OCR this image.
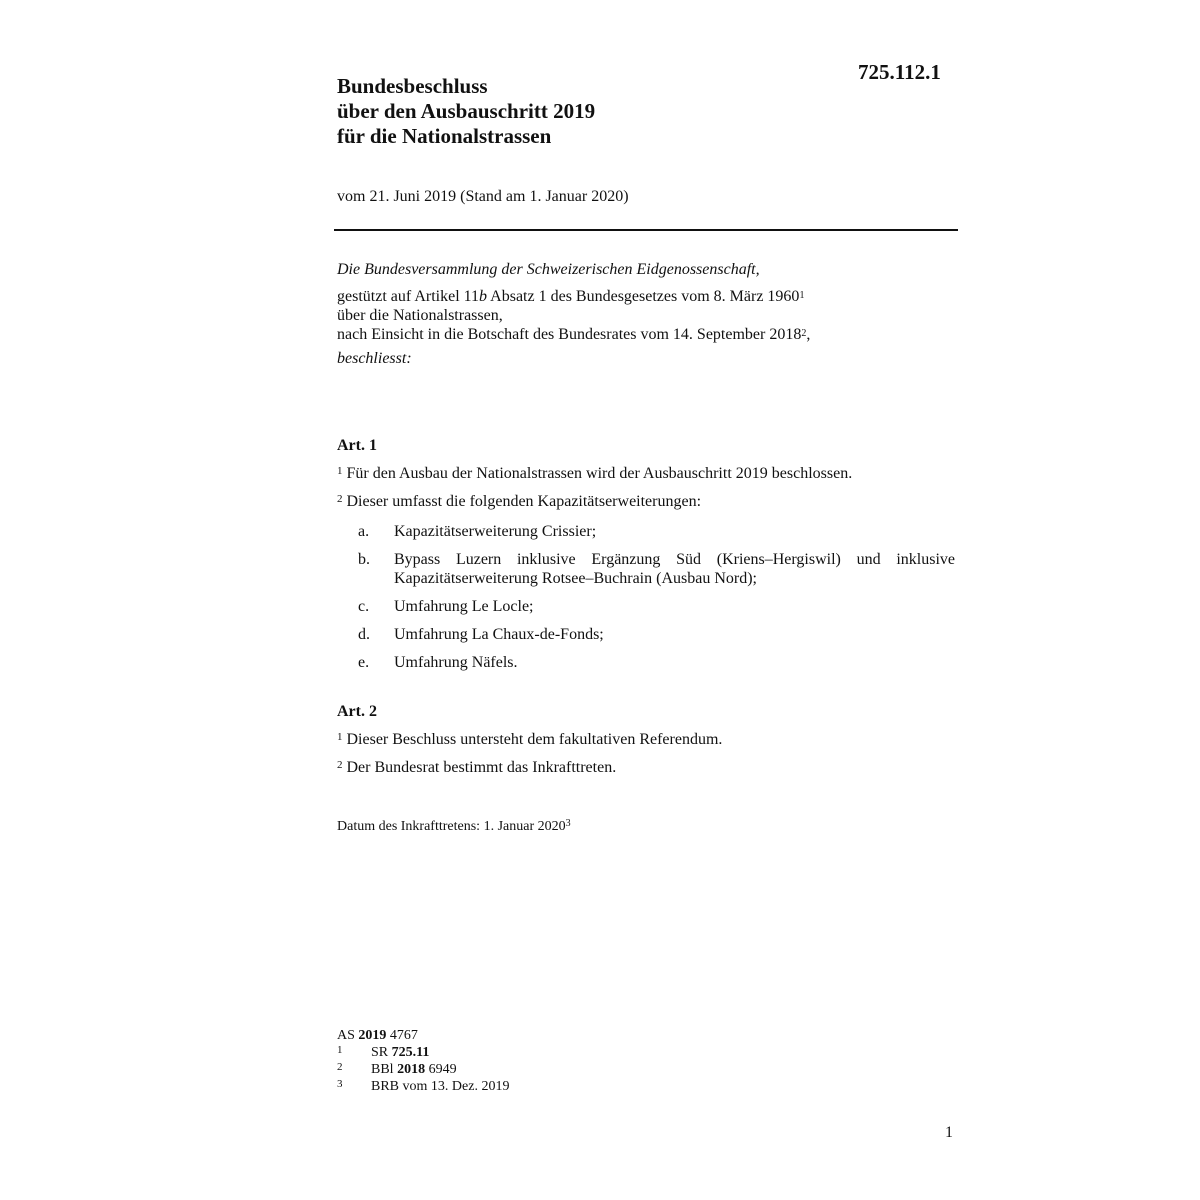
725.112.1
Bundesbeschluss
über den Ausbauschritt 2019
für die Nationalstrassen
vom 21. Juni 2019 (Stand am 1. Januar 2020)
Die Bundesversammlung der Schweizerischen Eidgenossenschaft,
gestützt auf Artikel 11b Absatz 1 des Bundesgesetzes vom 8. März 1960$^1$
über die Nationalstrassen,
nach Einsicht in die Botschaft des Bundesrates vom 14. September 2018$^2$,
beschliesst:
Art. 1
$^1$ Für den Ausbau der Nationalstrassen wird der Ausbauschritt 2019 beschlossen.
$^2$ Dieser umfasst die folgenden Kapazitätserweiterungen:
a.	Kapazitätserweiterung Crissier;
b.	Bypass Luzern inklusive Ergänzung Süd (Kriens–Hergiswil) und inklusive Kapazitätserweiterung Rotsee–Buchrain (Ausbau Nord);
c.	Umfahrung Le Locle;
d.	Umfahrung La Chaux-de-Fonds;
e.	Umfahrung Näfels.
Art. 2
$^1$ Dieser Beschluss untersteht dem fakultativen Referendum.
$^2$ Der Bundesrat bestimmt das Inkrafttreten.
Datum des Inkrafttretens: 1. Januar 2020$^3$
AS 2019 4767
1	SR 725.11
2	BBl 2018 6949
3	BRB vom 13. Dez. 2019
1
